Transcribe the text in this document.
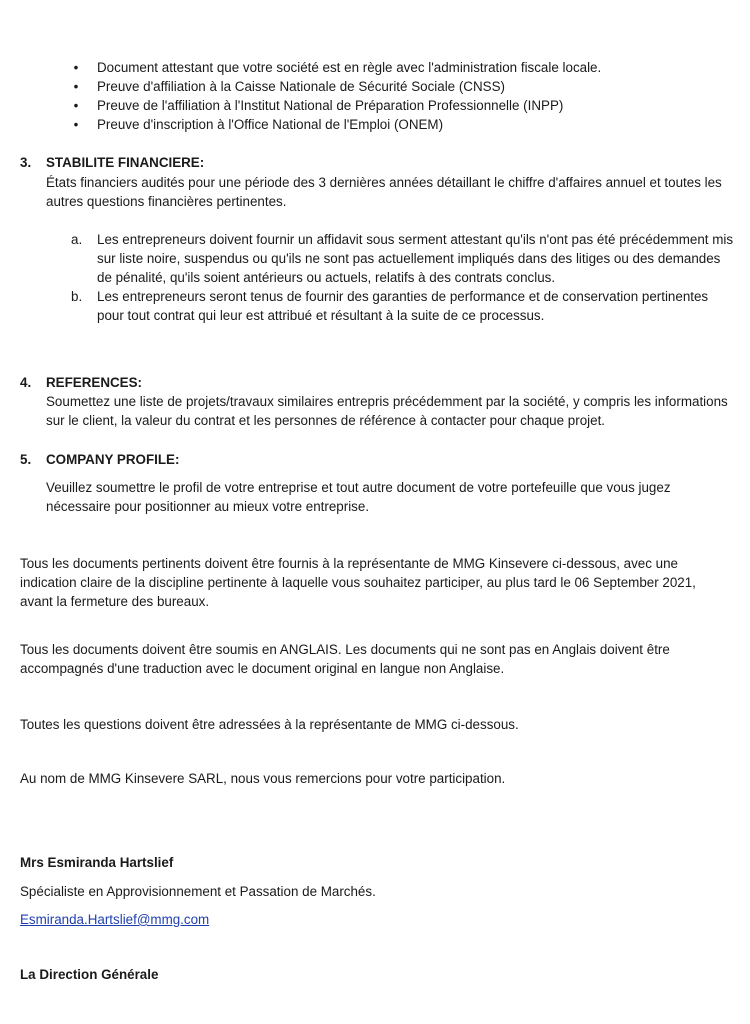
• Document attestant que votre société est en règle avec l'administration fiscale locale.
• Preuve d'affiliation à la Caisse Nationale de Sécurité Sociale (CNSS)
• Preuve de l'affiliation à l'Institut National de Préparation Professionnelle (INPP)
• Preuve d'inscription à l'Office National de l'Emploi (ONEM)
3. STABILITE FINANCIERE:
États financiers audités pour une période des 3 dernières années détaillant le chiffre d'affaires annuel et toutes les autres questions financières pertinentes.
a. Les entrepreneurs doivent fournir un affidavit sous serment attestant qu'ils n'ont pas été précédemment mis sur liste noire, suspendus ou qu'ils ne sont pas actuellement impliqués dans des litiges ou des demandes de pénalité, qu'ils soient antérieurs ou actuels, relatifs à des contrats conclus.
b. Les entrepreneurs seront tenus de fournir des garanties de performance et de conservation pertinentes pour tout contrat qui leur est attribué et résultant à la suite de ce processus.
4. REFERENCES:
Soumettez une liste de projets/travaux similaires entrepris précédemment par la société, y compris les informations sur le client, la valeur du contrat et les personnes de référence à contacter pour chaque projet.
5. COMPANY PROFILE:
Veuillez soumettre le profil de votre entreprise et tout autre document de votre portefeuille que vous jugez nécessaire pour positionner au mieux votre entreprise.
Tous les documents pertinents doivent être fournis à la représentante de MMG Kinsevere ci-dessous, avec une indication claire de la discipline pertinente à laquelle vous souhaitez participer, au plus tard le 06 September 2021, avant la fermeture des bureaux.
Tous les documents doivent être soumis en ANGLAIS. Les documents qui ne sont pas en Anglais doivent être accompagnés d'une traduction avec le document original en langue non Anglaise.
Toutes les questions doivent être adressées à la représentante de MMG ci-dessous.
Au nom de MMG Kinsevere SARL, nous vous remercions pour votre participation.
Mrs Esmiranda Hartslief
Spécialiste en Approvisionnement et Passation de Marchés.
Esmiranda.Hartslief@mmg.com
La Direction Générale
